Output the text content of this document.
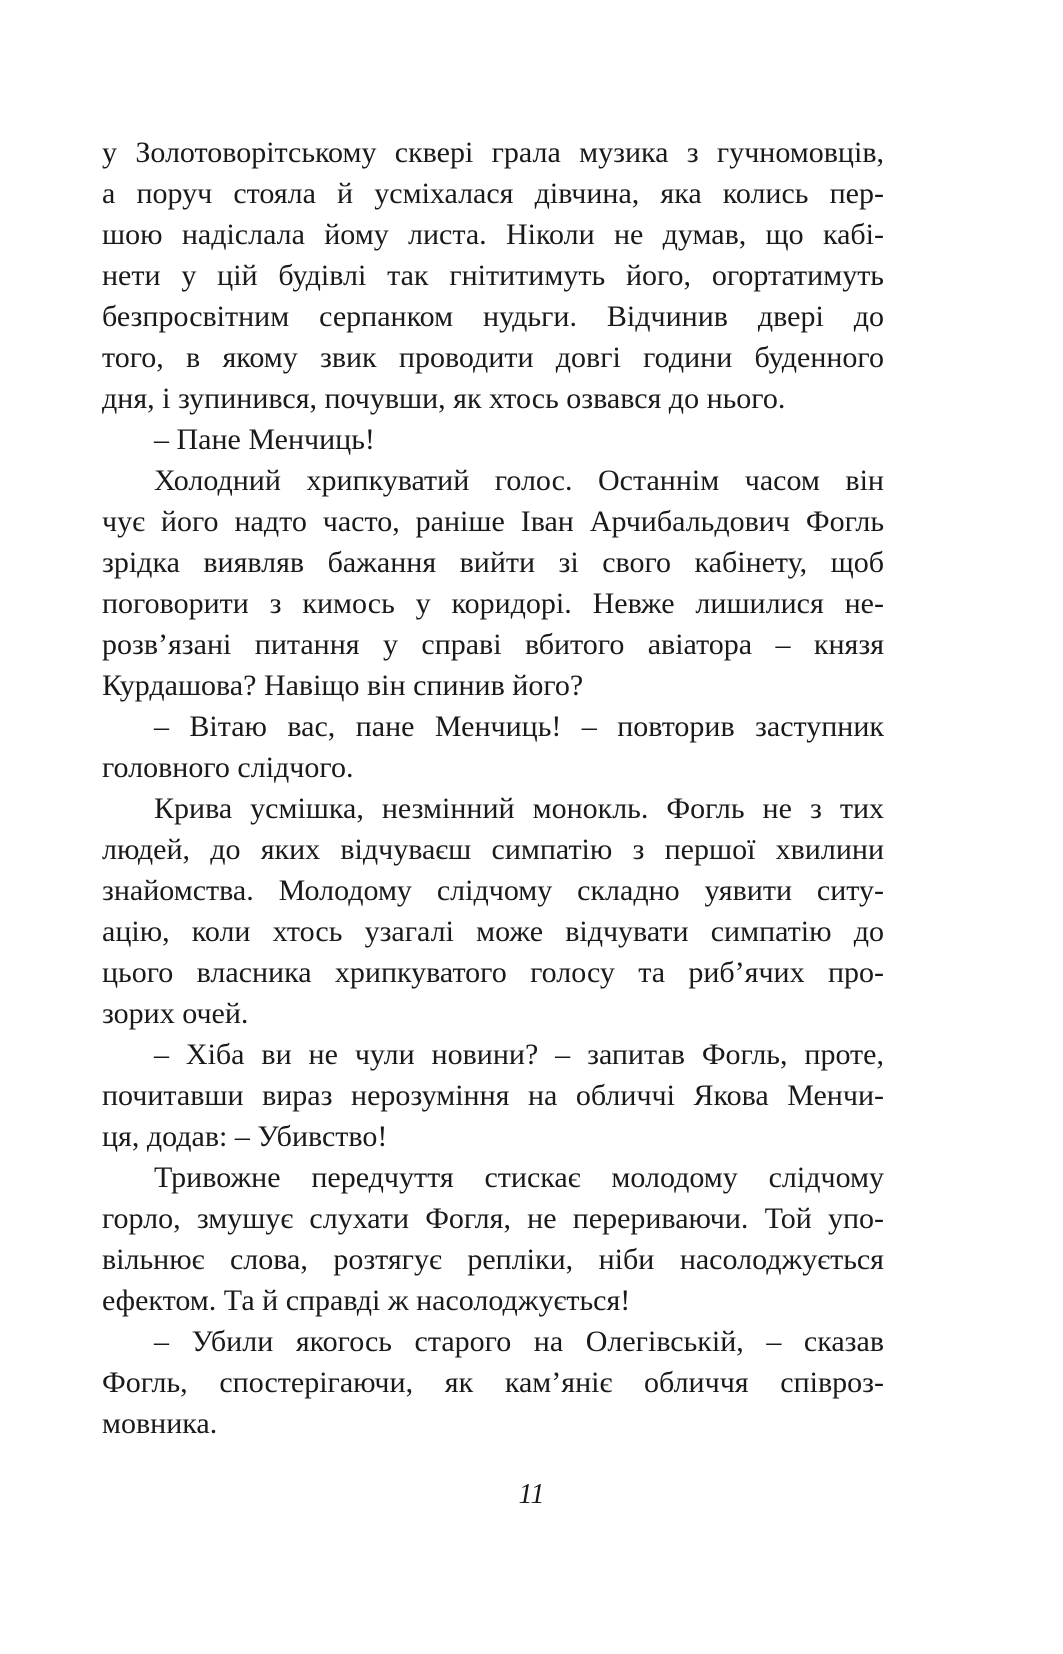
у Золотоворітському сквері грала музика з гучномовців,
а поруч стояла й усміхалася дівчина, яка колись пер-
шою надіслала йому листа. Ніколи не думав, що кабі-
нети у цій будівлі так гнітитимуть його, огортатимуть
безпросвітним серпанком нудьги. Відчинив двері до
того, в якому звик проводити довгі години буденного
дня, і зупинився, почувши, як хтось озвався до нього.
– Пане Менчиць!
Холодний хрипкуватий голос. Останнім часом він
чує його надто часто, раніше Іван Арчибальдович Фогль
зрідка виявляв бажання вийти зі свого кабінету, щоб
поговорити з кимось у коридорі. Невже лишилися не-
розв’язані питання у справі вбитого авіатора – князя
Курдашова? Навіщо він спинив його?
– Вітаю вас, пане Менчиць! – повторив заступник
головного слідчого.
Крива усмішка, незмінний монокль. Фогль не з тих
людей, до яких відчуваєш симпатію з першої хвилини
знайомства. Молодому слідчому складно уявити ситу-
ацію, коли хтось узагалі може відчувати симпатію до
цього власника хрипкуватого голосу та риб’ячих про-
зорих очей.
– Хіба ви не чули новини? – запитав Фогль, проте,
почитавши вираз нерозуміння на обличчі Якова Менчи-
ця, додав: – Убивство!
Тривожне передчуття стискає молодому слідчому
горло, змушує слухати Фогля, не перериваючи. Той упо-
вільнює слова, розтягує репліки, ніби насолоджується
ефектом. Та й справді ж насолоджується!
– Убили якогось старого на Олегівській, – сказав
Фогль, спостерігаючи, як кам’яніє обличчя співроз-
мовника.
11
